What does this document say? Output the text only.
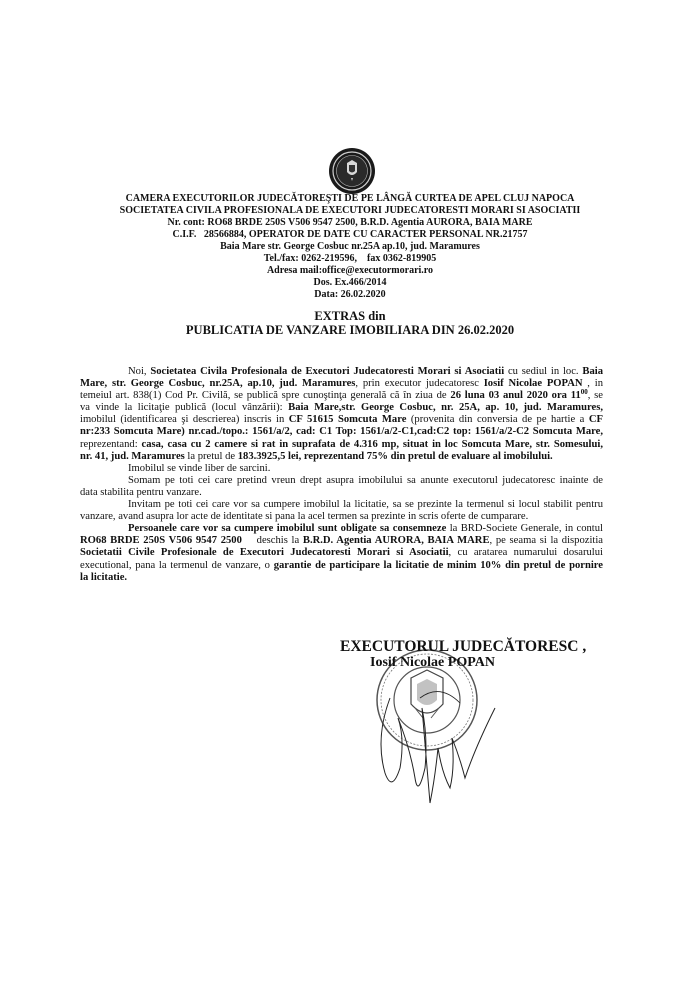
CAMERA EXECUTORILOR JUDECĂTOREŞTI DE PE LÂNGĂ CURTEA DE APEL CLUJ NAPOCA
SOCIETATEA CIVILA PROFESIONALA DE EXECUTORI JUDECATORESTI MORARI SI ASOCIATII
Nr. cont: RO68 BRDE 250S V506 9547 2500, B.R.D. Agentia AURORA, BAIA MARE
C.I.F.   28566884, OPERATOR DE DATE CU CARACTER PERSONAL NR.21757
Baia Mare str. George Cosbuc nr.25A ap.10, jud. Maramures
Tel./fax: 0262-219596,    fax 0362-819905
Adresa mail:office@executormorari.ro
Dos. Ex.466/2014
Data: 26.02.2020
EXTRAS din
PUBLICATIA DE VANZARE IMOBILIARA DIN 26.02.2020
Noi, Societatea Civila Profesionala de Executori Judecatoresti Morari si Asociatii cu sediul in loc. Baia
Mare, str. George Cosbuc, nr.25A, ap.10, jud. Maramures, prin executor judecatoresc Iosif Nicolae POPAN , in
temeiul art. 838(1) Cod Pr. Civilă, se publică spre cunoştinţa generală că în ziua de 26 luna 03 anul 2020 ora $11^{00}$, se
va vinde la licitaţie publică (locul vânzării): Baia Mare,str. George Cosbuc, nr. 25A, ap. 10, jud. Maramures,
imobilul (identificarea şi descrierea) inscris in CF 51615 Somcuta Mare (provenita din conversia de pe hartie a CF
nr:233 Somcuta Mare) nr.cad./topo.: 1561/a/2, cad: C1 Top: 1561/a/2-C1,cad:C2 top: 1561/a/2-C2 Somcuta Mare,
reprezentand: casa, casa cu 2 camere si rat in suprafata de 4.316 mp, situat in loc Somcuta Mare, str. Somesului,
nr. 41, jud. Maramures la pretul de 183.3925,5 lei, reprezentand 75% din pretul de evaluare al imobilului.
Imobilul se vinde liber de sarcini.
Somam pe toti cei care pretind vreun drept asupra imobilului sa anunte executorul judecatoresc inainte de
data stabilita pentru vanzare.
Invitam pe toti cei care vor sa cumpere imobilul la licitatie, sa se prezinte la termenul si locul stabilit pentru
vanzare, avand asupra lor acte de identitate si pana la acel termen sa prezinte in scris oferte de cumparare.
Persoanele care vor sa cumpere imobilul sunt obligate sa consemneze la BRD-Societe Generale, in contul
RO68 BRDE 250S V506 9547 2500    deschis la B.R.D. Agentia AURORA, BAIA MARE, pe seama si la dispozitia
Societatii Civile Profesionale de Executori Judecatoresti Morari si Asociatii, cu aratarea numarului dosarului
executional, pana la termenul de vanzare, o garantie de participare la licitatie de minim 10% din pretul de pornire
la licitatie.
EXECUTORUL JUDECĂTORESC ,
Iosif Nicolae POPAN
